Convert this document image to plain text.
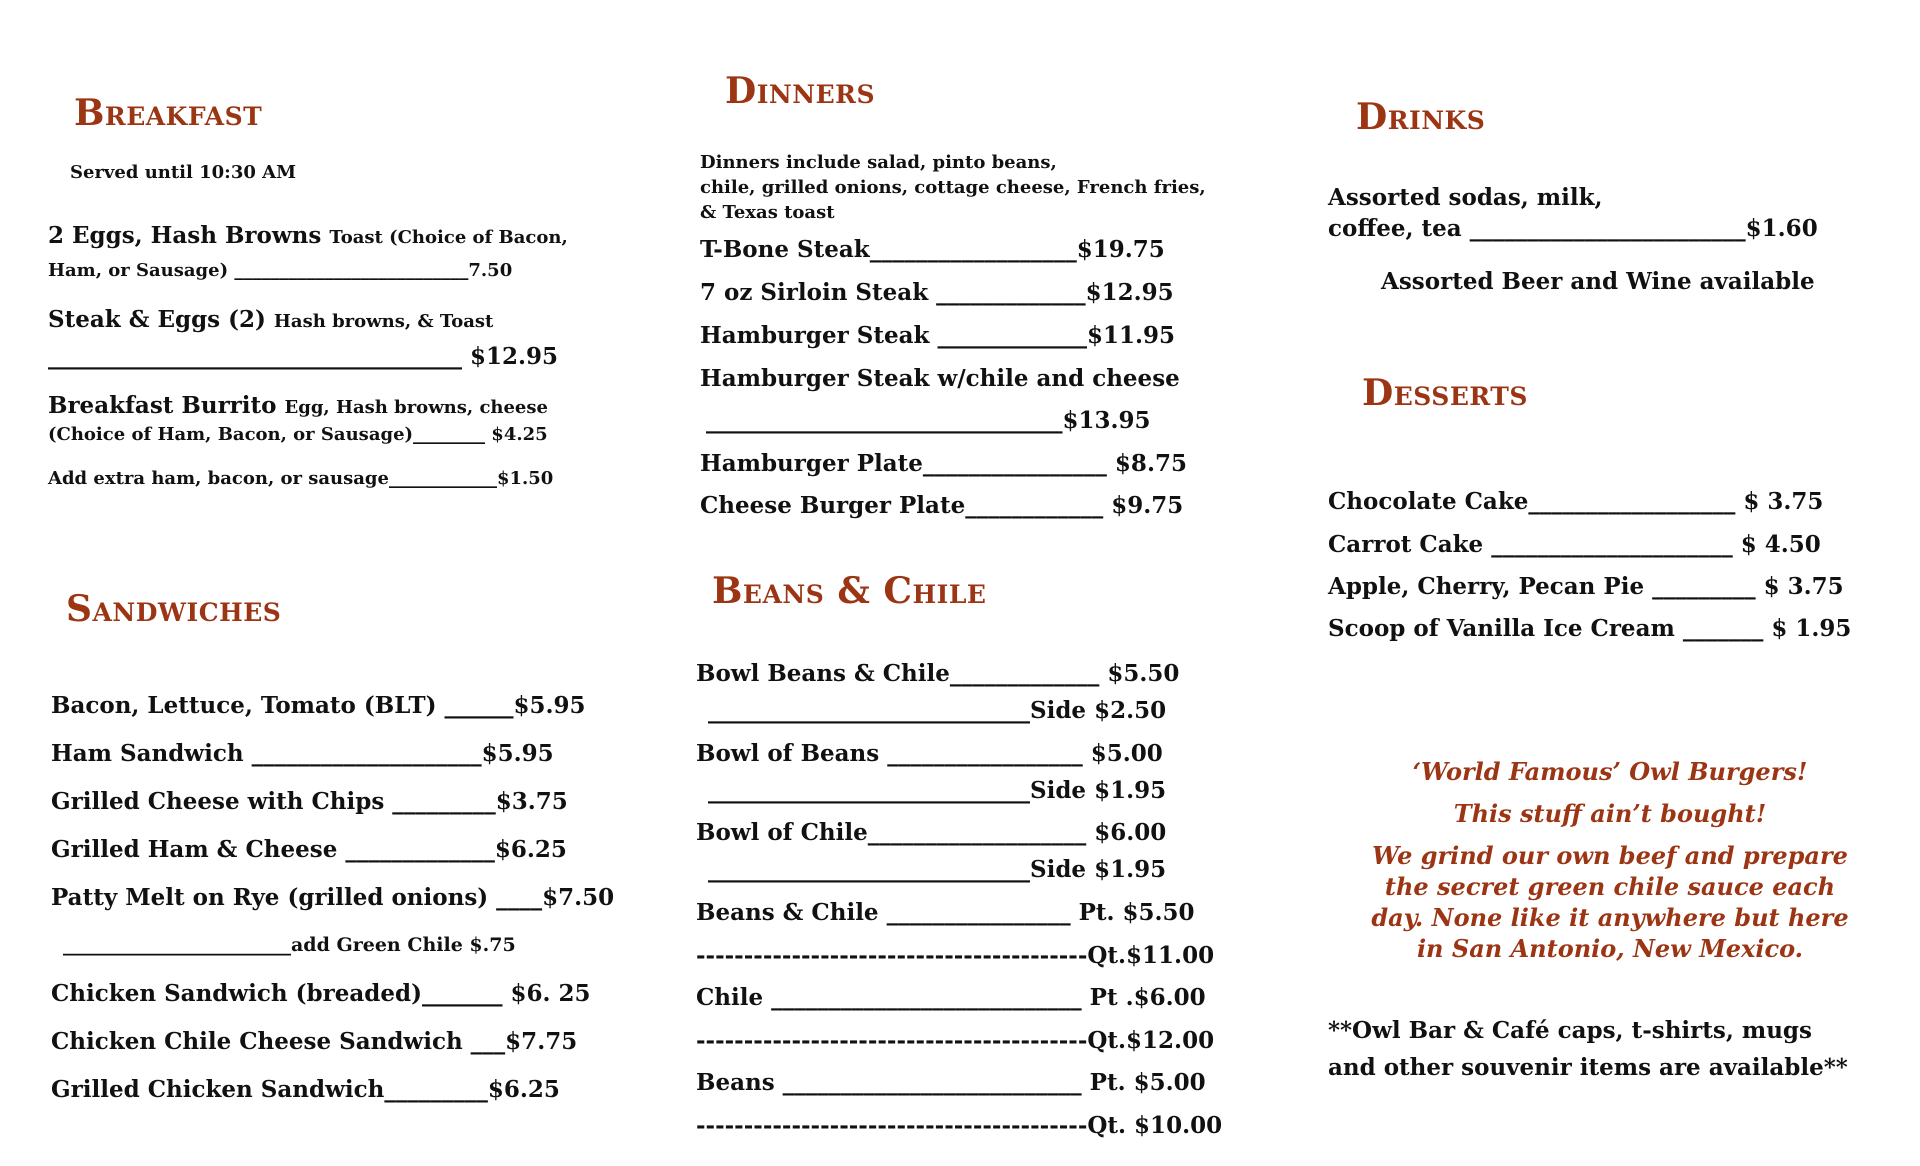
Breakfast
Served until 10:30 AM
2 Eggs, Hash Browns Toast (Choice of Bacon,
Ham, or Sausage) __________________________7.50
Steak & Eggs (2) Hash browns, & Toast
____________________________________ $12.95
Breakfast Burrito Egg, Hash browns, cheese
(Choice of Ham, Bacon, or Sausage)________ $4.25
Add extra ham, bacon, or sausage____________$1.50
Sandwiches
Bacon, Lettuce, Tomato (BLT) ______$5.95
Ham Sandwich ____________________$5.95
Grilled Cheese with Chips _________$3.75
Grilled Ham & Cheese _____________$6.25
Patty Melt on Rye (grilled onions) ____$7.50
________________________add Green Chile $.75
Chicken Sandwich (breaded)_______ $6. 25
Chicken Chile Cheese Sandwich ___$7.75
Grilled Chicken Sandwich_________$6.25
Dinners
Dinners include salad, pinto beans,
chile, grilled onions, cottage cheese, French fries,
& Texas toast
T-Bone Steak__________________$19.75
7 oz Sirloin Steak _____________$12.95
Hamburger Steak _____________$11.95
Hamburger Steak w/chile and cheese
_______________________________$13.95
Hamburger Plate________________ $8.75
Cheese Burger Plate____________ $9.75
Beans & Chile
Bowl Beans & Chile_____________ $5.50
____________________________Side $2.50
Bowl of Beans _________________ $5.00
____________________________Side $1.95
Bowl of Chile___________________ $6.00
____________________________Side $1.95
Beans & Chile ________________ Pt. $5.50
-----------------------------------------Qt.$11.00
Chile ___________________________ Pt .$6.00
-----------------------------------------Qt.$12.00
Beans __________________________ Pt. $5.00
-----------------------------------------Qt. $10.00
Drinks
Assorted sodas, milk,
coffee, tea ________________________$1.60
Assorted Beer and Wine available
Desserts
Chocolate Cake__________________ $ 3.75
Carrot Cake _____________________ $ 4.50
Apple, Cherry, Pecan Pie _________ $ 3.75
Scoop of Vanilla Ice Cream _______ $ 1.95
‘World Famous’ Owl Burgers!
This stuff ain’t bought!
We grind our own beef and prepare
the secret green chile sauce each
day. None like it anywhere but here
in San Antonio, New Mexico.
**Owl Bar & Café caps, t-shirts, mugs
and other souvenir items are available**
